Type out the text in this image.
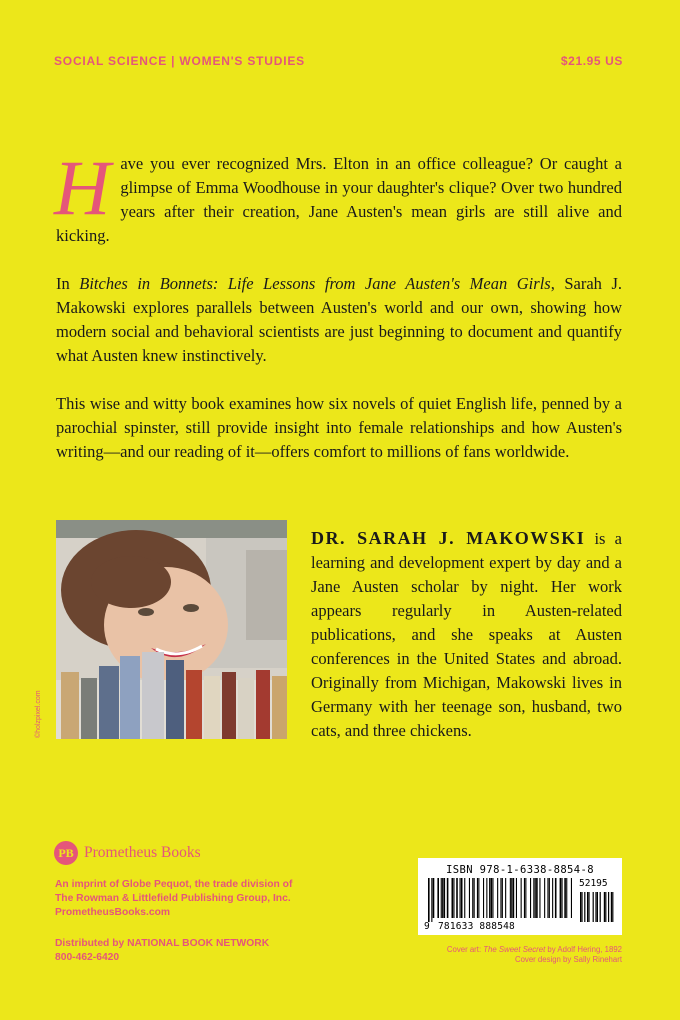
SOCIAL SCIENCE | WOMEN'S STUDIES	$21.95 US
Have you ever recognized Mrs. Elton in an office colleague? Or caught a glimpse of Emma Woodhouse in your daughter's clique? Over two hundred years after their creation, Jane Austen's mean girls are still alive and kicking.
In Bitches in Bonnets: Life Lessons from Jane Austen's Mean Girls, Sarah J. Makowski explores parallels between Austen's world and our own, showing how modern social and behavioral scientists are just beginning to document and quantify what Austen knew instinctively.
This wise and witty book examines how six novels of quiet English life, penned by a parochial spinster, still provide insight into female relationships and how Austen's writing—and our reading of it—offers comfort to millions of fans worldwide.
©holzpixel.com
DR. SARAH J. MAKOWSKI is a learning and development expert by day and a Jane Austen scholar by night. Her work appears regularly in Austen-related publications, and she speaks at Austen conferences in the United States and abroad. Originally from Michigan, Makowski lives in Germany with her teenage son, husband, two cats, and three chickens.
PB Prometheus Books
An imprint of Globe Pequot, the trade division of
The Rowman & Littlefield Publishing Group, Inc.
PrometheusBooks.com
Distributed by NATIONAL BOOK NETWORK
800-462-6420
ISBN 978-1-6338-8854-8
52195
9 781633 888548
Cover art: The Sweet Secret by Adolf Hering, 1892
Cover design by Sally Rinehart
